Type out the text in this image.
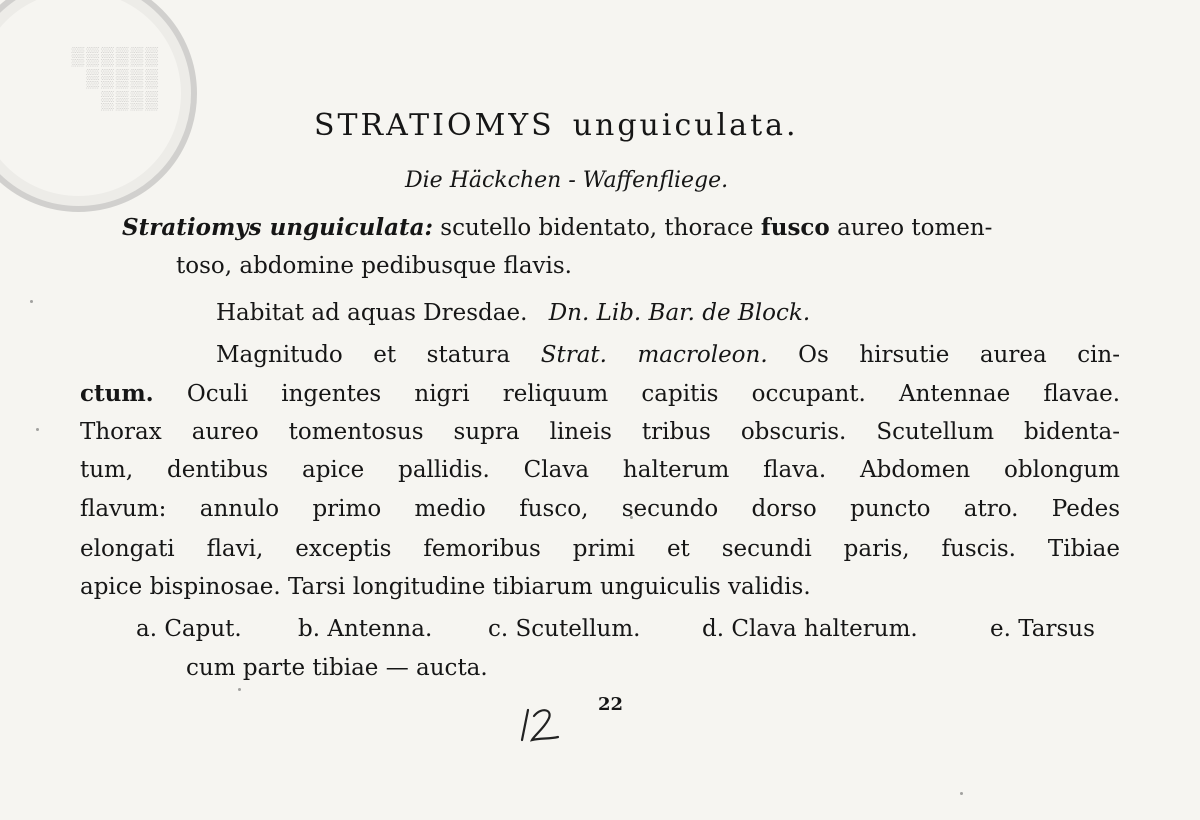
▒▒▒▒▒▒
▒▒▒▒▒
▒▒▒▒
STRATIOMYS unguiculata.
Die Häckchen - Waffenfliege.
Stratiomys unguiculata: scutello bidentato, thorace fusco aureo tomen-
toso, abdomine pedibusque flavis.
Habitat ad aquas Dresdae. Dn. Lib. Bar. de Block.
Magnitudo et statura Strat. macroleon. Os hirsutie aurea cin-
ctum. Oculi ingentes nigri reliquum capitis occupant. Antennae flavae.
Thorax aureo tomentosus supra lineis tribus obscuris. Scutellum bidenta-
tum, dentibus apice pallidis. Clava halterum flava. Abdomen oblongum
flavum: annulo primo medio fusco, secundo dorso puncto atro. Pedes
elongati flavi, exceptis femoribus primi et secundi paris, fuscis. Tibiae
apice bispinosae. Tarsi longitudine tibiarum unguiculis validis.
a. Caput. b. Antenna. c. Scutellum.	d. Clava halterum.	e. Tarsus
cum parte tibiae — aucta.
22
